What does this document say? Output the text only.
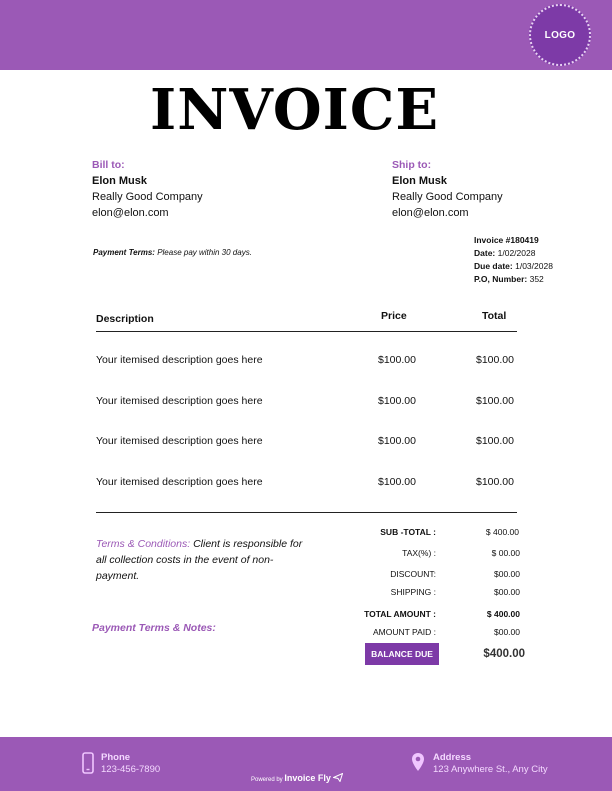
LOGO
INVOICE
Bill to:
Elon Musk
Really Good Company
elon@elon.com
Ship to:
Elon Musk
Really Good Company
elon@elon.com
Payment Terms: Please pay within 30 days.
Invoice #180419
Date: 1/02/2028
Due date: 1/03/2028
P.O, Number: 352
Description	Price	Total
Your itemised description goes here	$100.00	$100.00
Your itemised description goes here	$100.00	$100.00
Your itemised description goes here	$100.00	$100.00
Your itemised description goes here	$100.00	$100.00
Terms & Conditions: Client is responsible for all collection costs in the event of non-payment.
Payment Terms & Notes:
SUB -TOTAL :	$ 400.00
TAX(%) :	$ 00.00
DISCOUNT:	$00.00
SHIPPING :	$00.00
TOTAL AMOUNT :	$ 400.00
AMOUNT PAID :	$00.00
BALANCE DUE	$400.00
Phone
123-456-7890
Address
123 Anywhere St., Any City
Powered by Invoice Fly
